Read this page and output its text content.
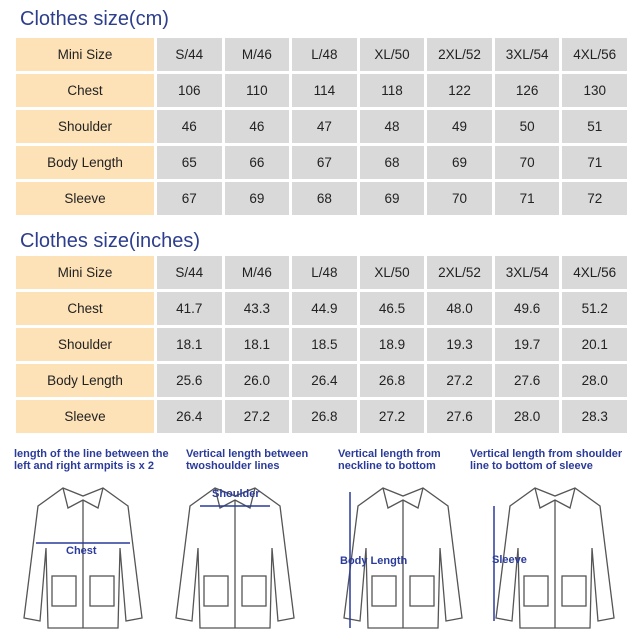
Clothes size(cm)
Mini Size	S/44	M/46	L/48	XL/50	2XL/52	3XL/54	4XL/56
Chest	106	110	114	118	122	126	130
Shoulder	46	46	47	48	49	50	51
Body Length	65	66	67	68	69	70	71
Sleeve	67	69	68	69	70	71	72
Clothes size(inches)
Mini Size	S/44	M/46	L/48	XL/50	2XL/52	3XL/54	4XL/56
Chest	41.7	43.3	44.9	46.5	48.0	49.6	51.2
Shoulder	18.1	18.1	18.5	18.9	19.3	19.7	20.1
Body Length	25.6	26.0	26.4	26.8	27.2	27.6	28.0
Sleeve	26.4	27.2	26.8	27.2	27.6	28.0	28.3
length of the line between the
left and right armpits is x 2
Vertical length between
twoshoulder lines
Vertical length from
neckline to bottom
Vertical length from shoulder
line to bottom of sleeve
Chest
Shoulder
Body Length	Sleeve
